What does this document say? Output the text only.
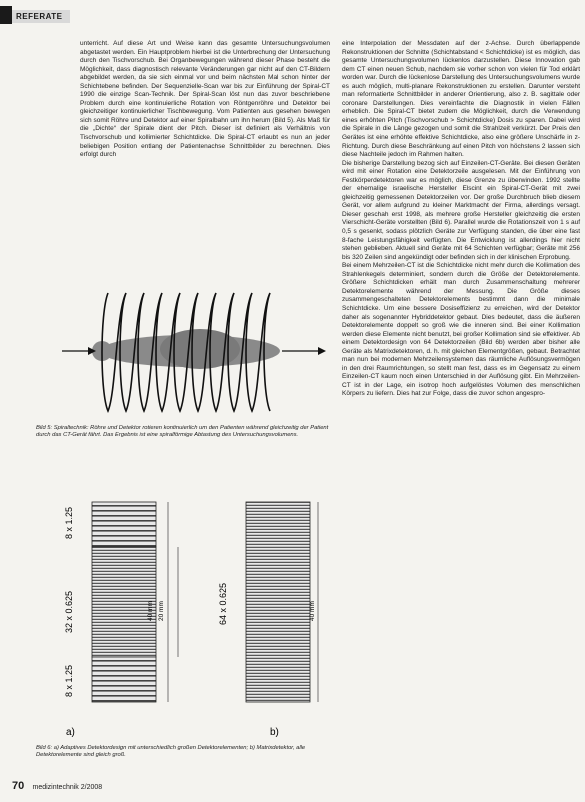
REFERATE

unterricht. Auf diese Art und Weise kann das gesamte Untersuchungsvolumen abgetastet werden. Ein Hauptproblem hierbei ist die Unterbrechung der Untersuchung durch den Tischvorschub. Bei Organbewegungen während dieser Phase besteht die Möglichkeit, dass diagnostisch relevante Veränderungen gar nicht auf den CT-Bildern abgebildet werden, da sie sich einmal vor und beim nächsten Mal schon hinter der Schichtebene befinden. Der Sequenzielle-Scan war bis zur Einführung der Spiral-CT 1990 die einzige Scan-Technik. Der Spiral-Scan löst nun das zuvor beschriebene Problem durch eine kontinuierliche Rotation von Röntgenröhre und Detektor bei gleichzeitiger kontinuierlicher Tischbewegung. Vom Patienten aus gesehen bewegen sich somit Röhre und Detektor auf einer Spiralbahn um ihn herum (Bild 5). Als Maß für die „Dichte“ der Spirale dient der Pitch. Dieser ist definiert als Verhältnis von Tischvorschub und kollimierter Schichtdicke. Die Spiral-CT erlaubt es nun an jeder beliebigen Position entlang der Patientenachse Schnittbilder zu berechnen. Dies erfolgt durch

eine Interpolation der Messdaten auf der z-Achse. Durch überlappende Rekonstruktionen der Schnitte (Schichtabstand < Schichtdicke) ist es möglich, das gesamte Untersuchungsvolumen lückenlos darzustellen. Diese Innovation gab dem CT einen neuen Schub, nachdem sie vorher schon von vielen für Tod erklärt worden war. Durch die lückenlose Darstellung des Untersuchungsvolumens wurde es auch möglich, multi-planare Rekonstruktionen zu erstellen. Darunter versteht man reformatierte Schnittbilder in anderer Orientierung, also z. B. sagittale oder coronare Darstellungen. Dies vereinfachte die Diagnostik in vielen Fällen erheblich. Die Spiral-CT bietet zudem die Möglichkeit, durch die Verwendung eines erhöhten Pitch (Tischvorschub > Schichtdicke) Dosis zu sparen. Dabei wird die Spirale in die Länge gezogen und somit die Strahlzeit verkürzt. Der Preis den Gerätes ist eine erhöhte effektive Schichtdicke, also eine größere Unschärfe in z-Richtung. Durch diese Beschränkung auf einen Pitch von höchstens 2 lassen sich diese Nachteile jedoch im Rahmen halten.

Die bisherige Darstellung bezog sich auf Einzeilen-CT-Geräte. Bei diesen Geräten wird mit einer Rotation eine Detektorzeile ausgelesen. Mit der Einführung von Festkörperdetektoren war es möglich, diese Grenze zu überwinden. 1992 stellte der ehemalige israelische Hersteller Elscint ein Spiral-CT-Gerät mit zwei gleichzeitig gemessenen Detektorzeilen vor. Der große Durchbruch blieb diesem Gerät, vor allem aufgrund zu kleiner Marktmacht der Firma, allerdings versagt. Dieser geschah erst 1998, als mehrere große Hersteller gleichzeitig die ersten Vierschicht-Geräte vorstellten (Bild 6). Parallel wurde die Rotationszeit von 1 s auf 0,5 s gesenkt, sodass plötzlich Geräte zur Verfügung standen, die über eine fast 8-fache Leistungsfähigkeit verfügten. Die Entwicklung ist allerdings hier nicht stehen geblieben. Aktuell sind Geräte mit 64 Schichten verfügbar; Geräte mit 256 bis 320 Zeilen sind angekündigt oder befinden sich in der klinischen Erprobung.

Bei einem Mehrzeilen-CT ist die Schichtdicke nicht mehr durch die Kollimation des Strahlenkegels determiniert, sondern durch die Größe der Detektorelemente. Größere Schichtdicken erhält man durch Zusammenschaltung mehrerer Detektorelemente während der Messung. Die Größe dieses zusammengeschalteten Detektorelements bestimmt dann die minimale Schichtdicke. Um eine bessere Dosiseffizienz zu erreichen, wird der Detektor daher als sogenannter Hybriddetektor gebaut. Dies bedeutet, dass die äußeren Detektorelemente doppelt so groß wie die inneren sind. Bei einer Kollimation werden diese Elemente nicht benutzt, bei großer Kollimation sind sie effektiver. Ab einem Detektordesign von 64 Detektorzeilen (Bild 6b) werden aber bisher alle Geräte als Matrixdetektoren, d. h. mit gleichen Elementgrößen, gebaut. Betrachtet man nun bei modernen Mehrzeilensystemen das räumliche Auflösungsvermögen in den drei Raumrichtungen, so stellt man fest, dass es im Gegensatz zu einem Einzeilen-CT kaum noch einen Unterschied in der Auflösung gibt. Ein Mehrzeilen-CT ist in der Lage, ein isotrop hoch aufgelöstes Volumen des menschlichen Körpers zu liefern. Dies hat zur Folge, dass die zuvor schon angespro-

Bild 5: Spiraltechnik: Röhre und Detektor rotieren kontinuierlich um den Patienten während gleichzeitig der Patient durch das CT-Gerät fährt. Das Ergebnis ist eine spiralförmige Abtastung des Untersuchungsvolumens.
8 x 1.25
32 x 0.625
8 x 1.25
40 mm 20 mm
a)
64 x 0.625	40 mm
b)
Bild 6: a) Adaptives Detektordesign mit unterschiedlich großen Detektorelementen; b) Matrixdetektor, alle Detektorelemente sind gleich groß.
70 medizintechnik 2/2008
